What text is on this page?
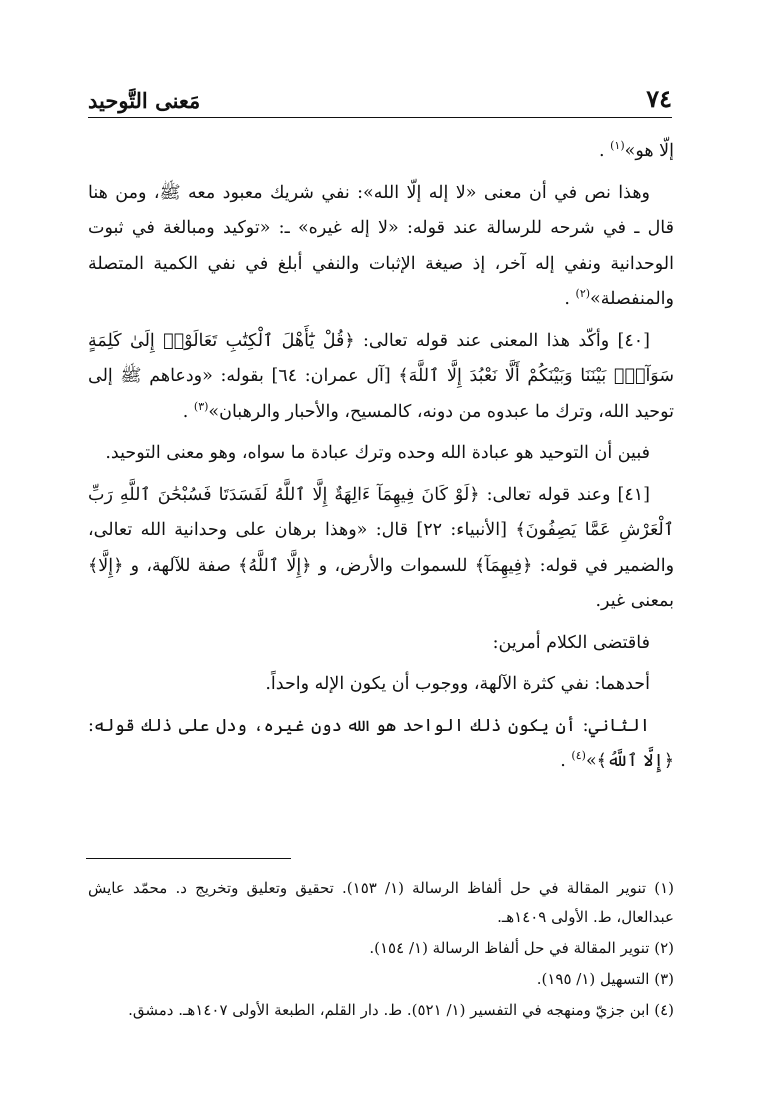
٧٤
مَعنى التَّوحيد

إلّا هو»$^{(١)}$ .

وهذا نص في أن معنى «لا إله إلّا الله»: نفي شريك معبود معه ﷺ، ومن هنا قال ـ في شرحه للرسالة عند قوله: «لا إله غيره» ـ: «توكيد ومبالغة في ثبوت الوحدانية ونفي إله آخر، إذ صيغة الإثبات والنفي أبلغ في نفي الكمية المتصلة والمنفصلة»$^{(٢)}$ .

[٤٠] وأكّد هذا المعنى عند قوله تعالى: ﴿قُلْ يَٰٓأَهْلَ ٱلْكِتَٰبِ تَعَالَوْا۟ إِلَىٰ كَلِمَةٍ سَوَآءٍۭ بَيْنَنَا وَبَيْنَكُمْ أَلَّا نَعْبُدَ إِلَّا ٱللَّهَ﴾ [آل عمران: ٦٤] بقوله: «ودعاهم ﷺ إلى توحيد الله، وترك ما عبدوه من دونه، كالمسيح، والأحبار والرهبان»$^{(٣)}$ .

فبين أن التوحيد هو عبادة الله وحده وترك عبادة ما سواه، وهو معنى التوحيد.

[٤١] وعند قوله تعالى: ﴿لَوْ كَانَ فِيهِمَآ ءَالِهَةٌ إِلَّا ٱللَّهُ لَفَسَدَتَا فَسُبْحَٰنَ ٱللَّهِ رَبِّ ٱلْعَرْشِ عَمَّا يَصِفُونَ﴾ [الأنبياء: ٢٢] قال: «وهذا برهان على وحدانية الله تعالى، والضمير في قوله: ﴿فِيهِمَآ﴾ للسموات والأرض، و ﴿إِلَّا ٱللَّهُ﴾ صفة للآلهة، و ﴿إِلَّا﴾ بمعنى غير.

فاقتضى الكلام أمرين:

أحدهما: نفي كثرة الآلهة، ووجوب أن يكون الإله واحداً.

الثاني: أن يكون ذلك الواحد هو الله دون غيره، ودل على ذلك قوله: ﴿إِلَّا ٱللَّهُ﴾»$^{(٤)}$ .

(١) تنوير المقالة في حل ألفاظ الرسالة (١/ ١٥٣). تحقيق وتعليق وتخريج د. محمّد عايش عبدالعال، ط. الأولى ١٤٠٩هـ.

(٢) تنوير المقالة في حل ألفاظ الرسالة (١/ ١٥٤).

(٣) التسهيل (١/ ١٩٥).

(٤) ابن جزيّ ومنهجه في التفسير (١/ ٥٢١). ط. دار القلم، الطبعة الأولى ١٤٠٧هـ. دمشق.
